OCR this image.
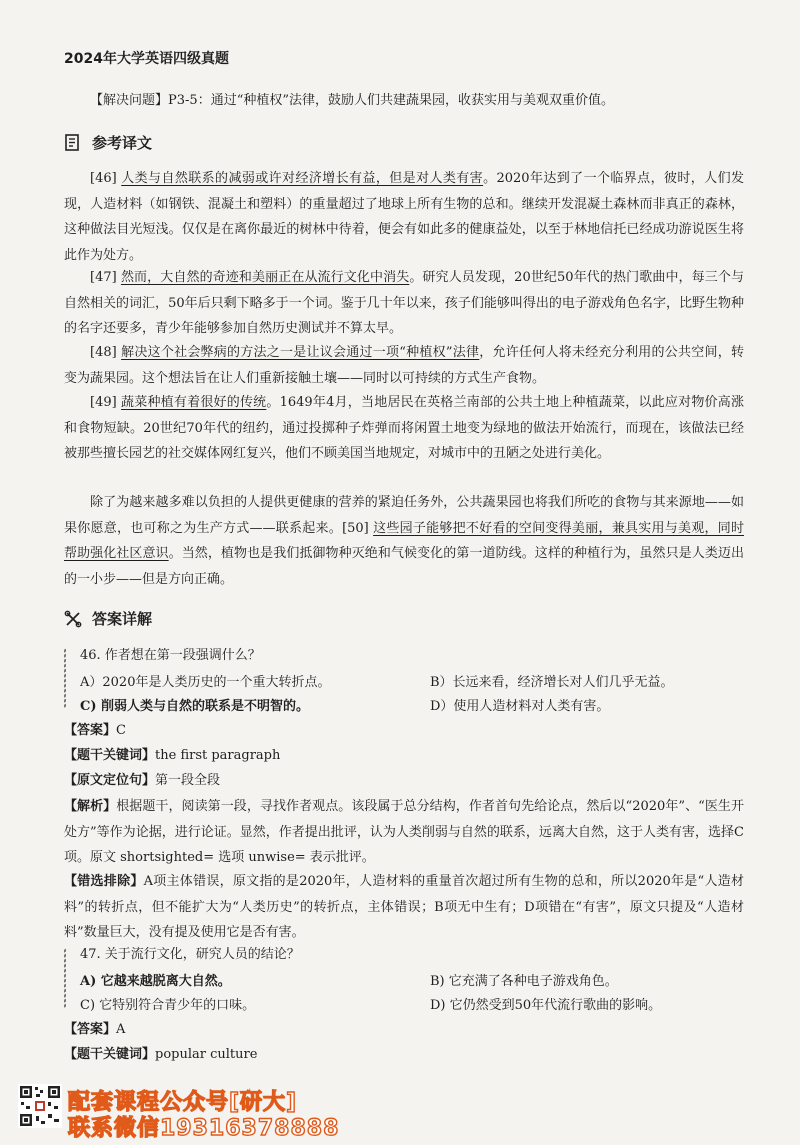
2024年大学英语四级真题
【解决问题】P3-5：通过“种植权”法律，鼓励人们共建蔬果园，收获实用与美观双重价值。
参考译文
[46] 人类与自然联系的减弱或许对经济增长有益，但是对人类有害。2020年达到了一个临界点，彼时，人们发现，人造材料（如钢铁、混凝土和塑料）的重量超过了地球上所有生物的总和。继续开发混凝土森林而非真正的森林，这种做法目光短浅。仅仅是在离你最近的树林中待着，便会有如此多的健康益处，以至于林地信托已经成功游说医生将此作为处方。
[47] 然而，大自然的奇迹和美丽正在从流行文化中消失。研究人员发现，20世纪50年代的热门歌曲中，每三个与自然相关的词汇，50年后只剩下略多于一个词。鉴于几十年以来，孩子们能够叫得出的电子游戏角色名字，比野生物种的名字还要多，青少年能够参加自然历史测试并不算太早。
[48] 解决这个社会弊病的方法之一是让议会通过一项“种植权”法律，允许任何人将未经充分利用的公共空间，转变为蔬果园。这个想法旨在让人们重新接触土壤——同时以可持续的方式生产食物。
[49] 蔬菜种植有着很好的传统。1649年4月，当地居民在英格兰南部的公共土地上种植蔬菜，以此应对物价高涨和食物短缺。20世纪70年代的纽约，通过投掷种子炸弹而将闲置土地变为绿地的做法开始流行，而现在，该做法已经被那些擅长园艺的社交媒体网红复兴，他们不顾美国当地规定，对城市中的丑陋之处进行美化。
除了为越来越多难以负担的人提供更健康的营养的紧迫任务外，公共蔬果园也将我们所吃的食物与其来源地——如果你愿意，也可称之为生产方式——联系起来。[50] 这些园子能够把不好看的空间变得美丽，兼具实用与美观，同时帮助强化社区意识。当然，植物也是我们抵御物种灭绝和气候变化的第一道防线。这样的种植行为，虽然只是人类迈出的一小步——但是方向正确。
答案详解
46. 作者想在第一段强调什么？
A）2020年是人类历史的一个重大转折点。	B）长远来看，经济增长对人们几乎无益。
C) 削弱人类与自然的联系是不明智的。	D）使用人造材料对人类有害。
【答案】C
【题干关键词】the first paragraph
【原文定位句】第一段全段
【解析】根据题干，阅读第一段，寻找作者观点。该段属于总分结构，作者首句先给论点，然后以“2020年”、“医生开处方”等作为论据，进行论证。显然，作者提出批评，认为人类削弱与自然的联系，远离大自然，这于人类有害，选择C项。原文 shortsighted= 选项 unwise= 表示批评。
【错选排除】A项主体错误，原文指的是2020年，人造材料的重量首次超过所有生物的总和，所以2020年是“人造材料”的转折点，但不能扩大为“人类历史”的转折点，主体错误；B项无中生有；D项错在“有害”，原文只提及“人造材料”数量巨大，没有提及使用它是否有害。
47. 关于流行文化，研究人员的结论？
A) 它越来越脱离大自然。	B) 它充满了各种电子游戏角色。
C) 它特别符合青少年的口味。	D) 它仍然受到50年代流行歌曲的影响。
【答案】A
【题干关键词】popular culture
配套课程公众号[研大]
联系微信19316378888
